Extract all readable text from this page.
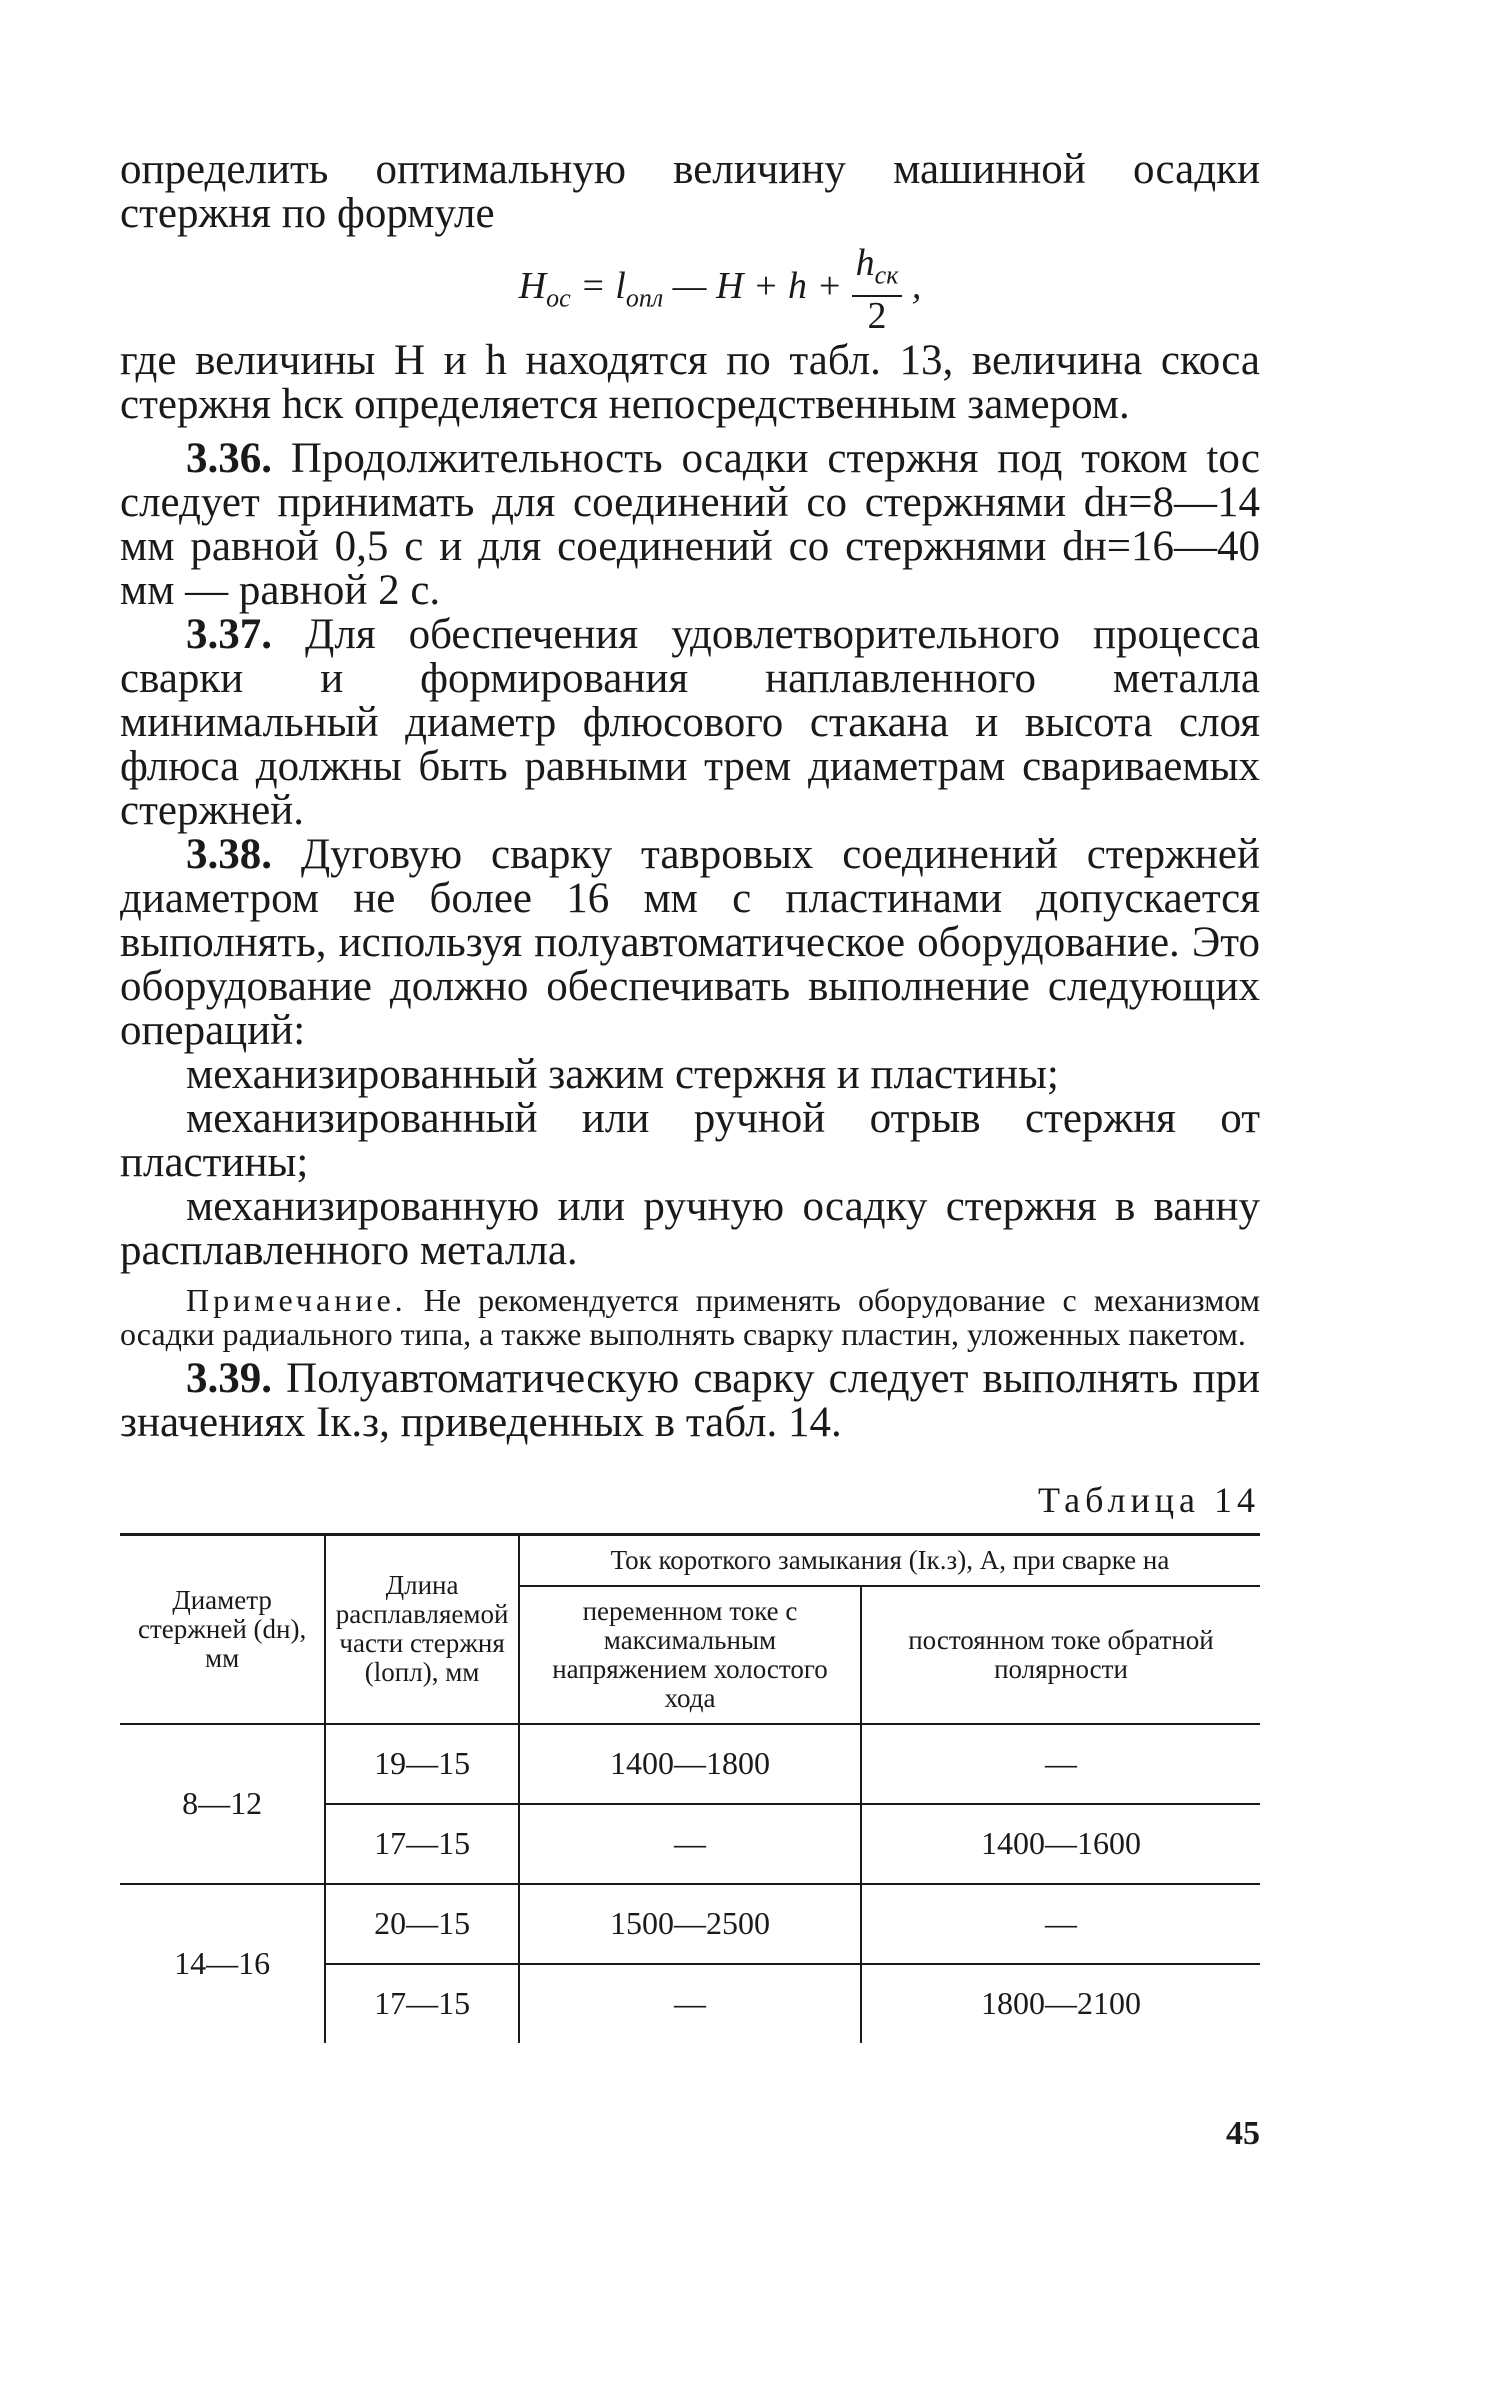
определить оптимальную величину машинной осадки стержня по формуле

$H_{ос} = l_{опл}$ — $H + h + \frac{h_{ск}}{2}$ ,

где величины H и h находятся по табл. 13, величина скоса стержня hск определяется непосредственным замером.

3.36. Продолжительность осадки стержня под током tос следует принимать для соединений со стержнями dн=8—14 мм равной 0,5 с и для соединений со стержнями dн=16—40 мм — равной 2 с.

3.37. Для обеспечения удовлетворительного процесса сварки и формирования наплавленного металла минимальный диаметр флюсового стакана и высота слоя флюса должны быть равными трем диаметрам свариваемых стержней.

3.38. Дуговую сварку тавровых соединений стержней диаметром не более 16 мм с пластинами допускается выполнять, используя полуавтоматическое оборудование. Это оборудование должно обеспечивать выполнение следующих операций:

механизированный зажим стержня и пластины;

механизированный или ручной отрыв стержня от пластины;

механизированную или ручную осадку стержня в ванну расплавленного металла.

Примечание. Не рекомендуется применять оборудование с механизмом осадки радиального типа, а также выполнять сварку пластин, уложенных пакетом.

3.39. Полуавтоматическую сварку следует выполнять при значениях Iк.з, приведенных в табл. 14.

Таблица 14
Диаметр стержней (dн), мм	Длина расплавляемой части стержня (lопл), мм	Ток короткого замыкания (Iк.з), А, при сварке на	
		переменном токе с максимальным напряжением холостого хода	постоянном токе обратной полярности
8—12	19—15	1400—1800	—
	17—15	—	1400—1600
14—16	20—15	1500—2500	—
	17—15	—	1800—2100
45
